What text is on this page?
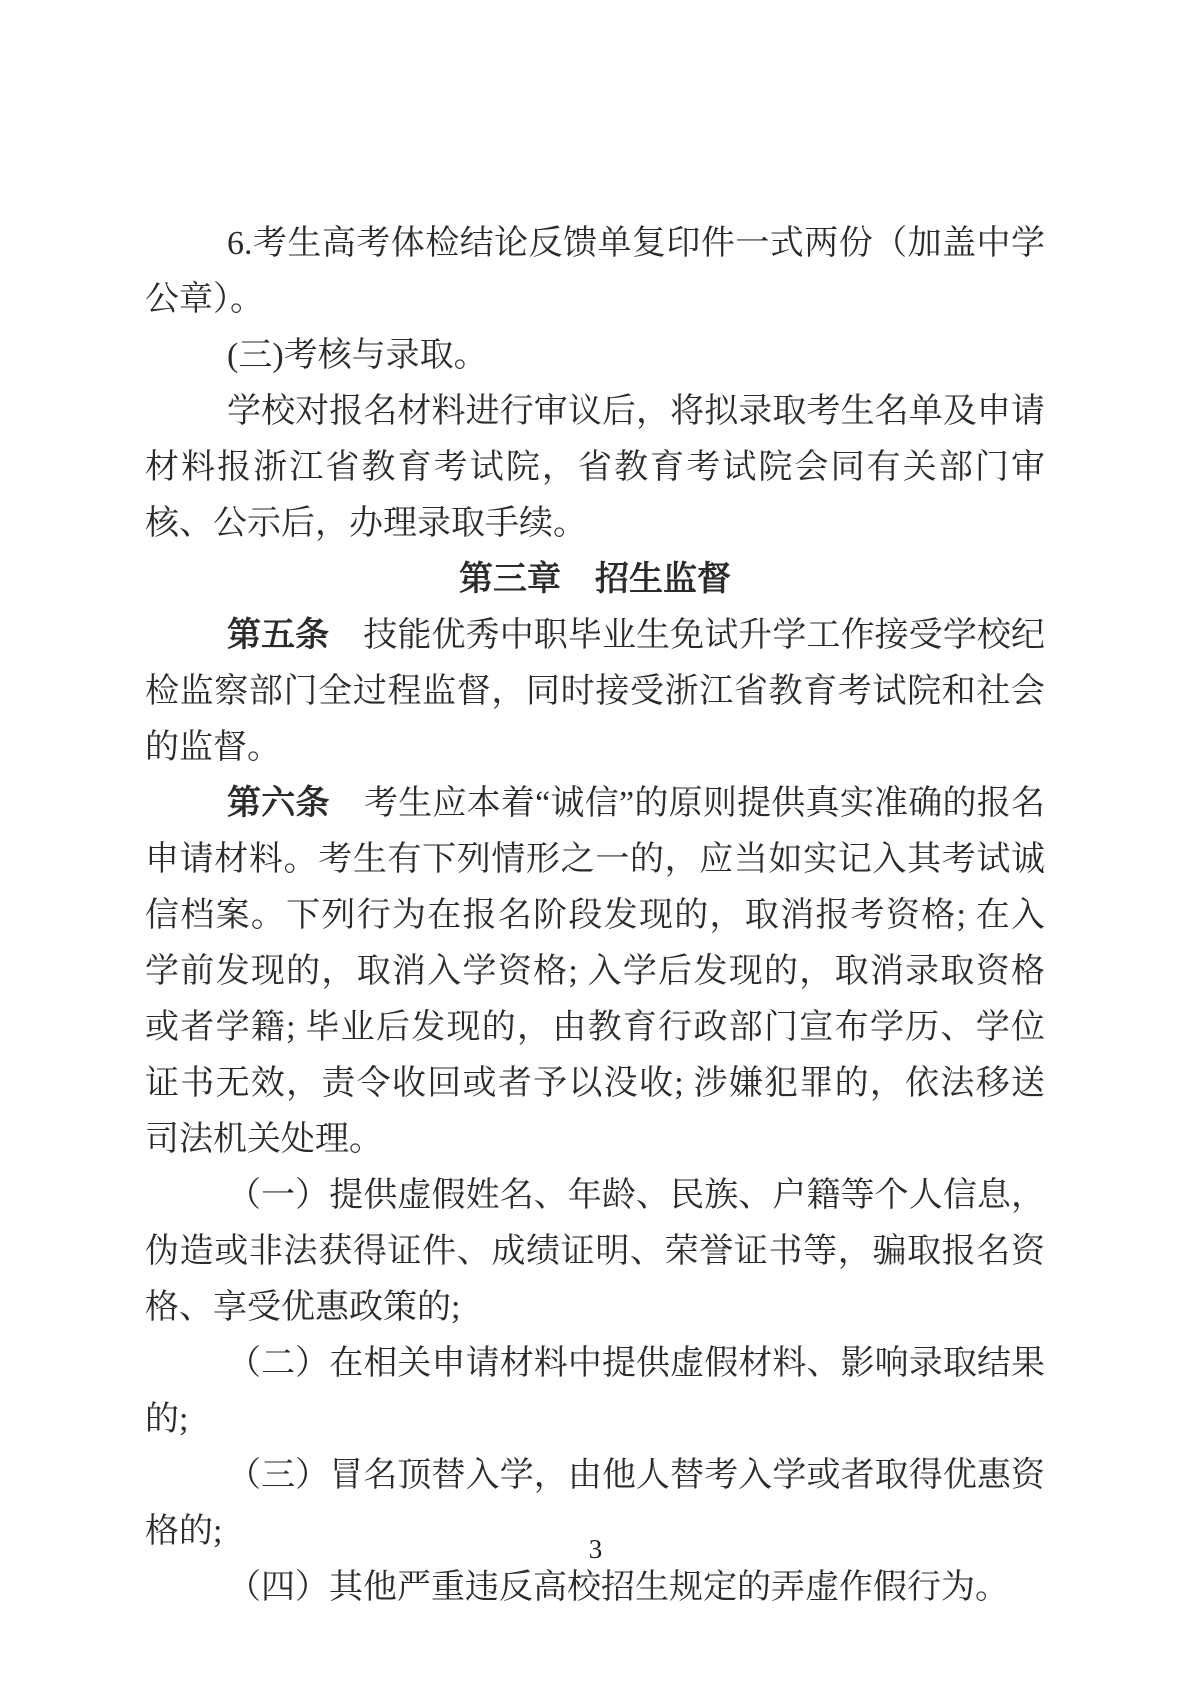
6.考生高考体检结论反馈单复印件一式两份（加盖中学公章）。

(三)考核与录取。

学校对报名材料进行审议后，将拟录取考生名单及申请材料报浙江省教育考试院，省教育考试院会同有关部门审核、公示后，办理录取手续。

第三章　招生监督

第五条　技能优秀中职毕业生免试升学工作接受学校纪检监察部门全过程监督，同时接受浙江省教育考试院和社会的监督。

第六条　考生应本着“诚信”的原则提供真实准确的报名申请材料。考生有下列情形之一的，应当如实记入其考试诚信档案。下列行为在报名阶段发现的，取消报考资格; 在入学前发现的，取消入学资格; 入学后发现的，取消录取资格或者学籍; 毕业后发现的，由教育行政部门宣布学历、学位证书无效，责令收回或者予以没收; 涉嫌犯罪的，依法移送司法机关处理。

（一）提供虚假姓名、年龄、民族、户籍等个人信息，伪造或非法获得证件、成绩证明、荣誉证书等，骗取报名资格、享受优惠政策的;

（二）在相关申请材料中提供虚假材料、影响录取结果的;

（三）冒名顶替入学，由他人替考入学或者取得优惠资格的;

（四）其他严重违反高校招生规定的弄虚作假行为。

3
